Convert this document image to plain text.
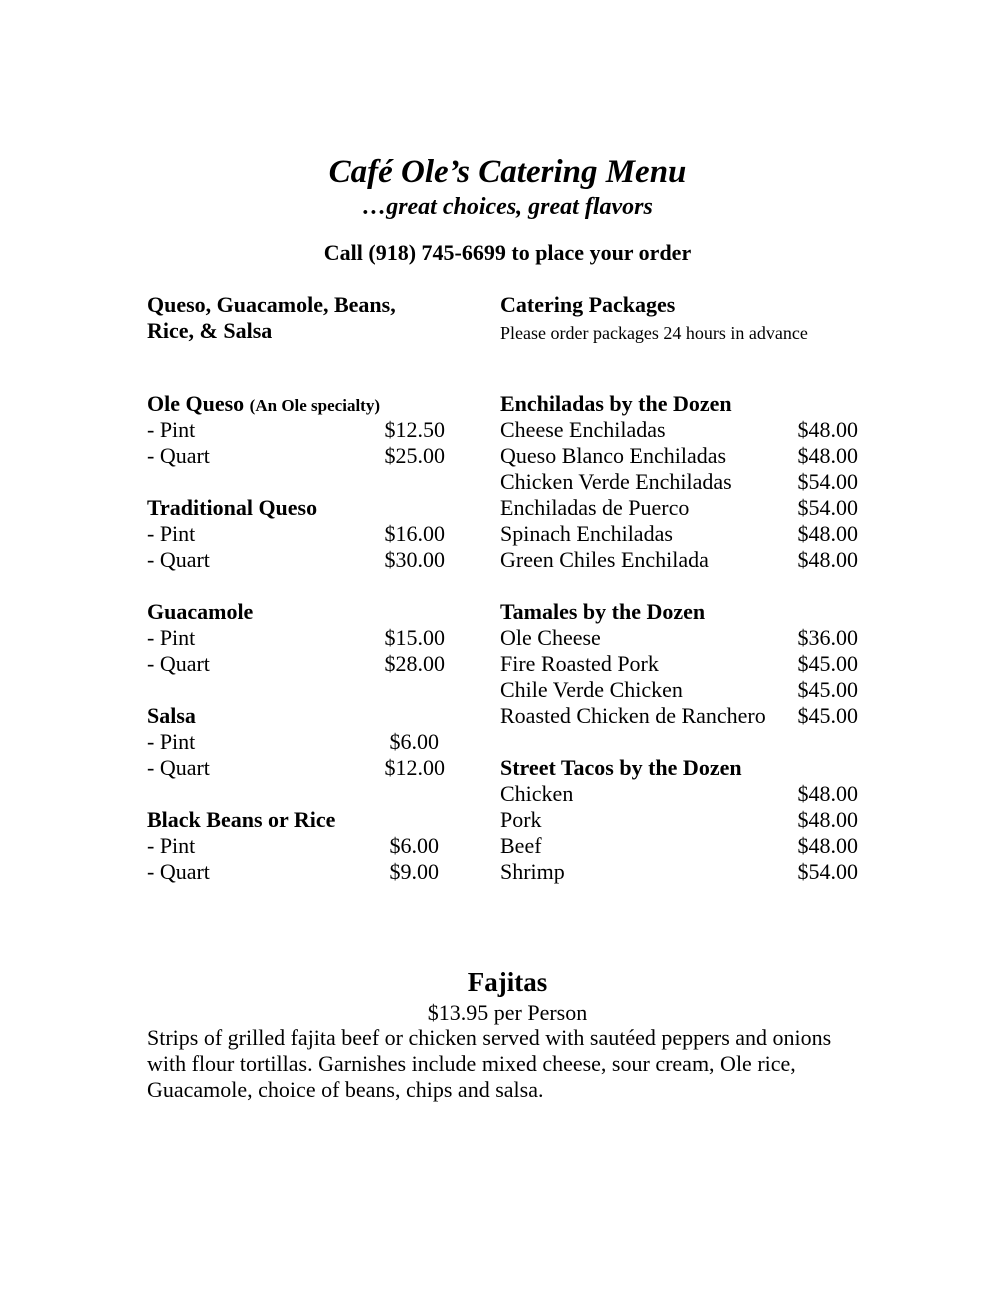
Café Ole’s Catering Menu
…great choices, great flavors
Call (918) 745-6699 to place your order
Queso, Guacamole, Beans,
Rice, & Salsa
Catering Packages
Please order packages 24 hours in advance
Ole Queso (An Ole specialty)
- Pint	$12.50
- Quart	$25.00
Traditional Queso
- Pint	$16.00
- Quart	$30.00
Guacamole
- Pint	$15.00
- Quart	$28.00
Salsa
- Pint	$6.00
- Quart	$12.00
Black Beans or Rice
- Pint	$6.00
- Quart	$9.00
Enchiladas by the Dozen
Cheese Enchiladas	$48.00
Queso Blanco Enchiladas	$48.00
Chicken Verde Enchiladas	$54.00
Enchiladas de Puerco	$54.00
Spinach Enchiladas	$48.00
Green Chiles Enchilada	$48.00
Tamales by the Dozen
Ole Cheese	$36.00
Fire Roasted Pork	$45.00
Chile Verde Chicken	$45.00
Roasted Chicken de Ranchero $45.00
Street Tacos by the Dozen
Chicken	$48.00
Pork	$48.00
Beef	$48.00
Shrimp	$54.00
Fajitas
$13.95 per Person
Strips of grilled fajita beef or chicken served with sautéed peppers and onions with flour tortillas. Garnishes include mixed cheese, sour cream, Ole rice, Guacamole, choice of beans, chips and salsa.
